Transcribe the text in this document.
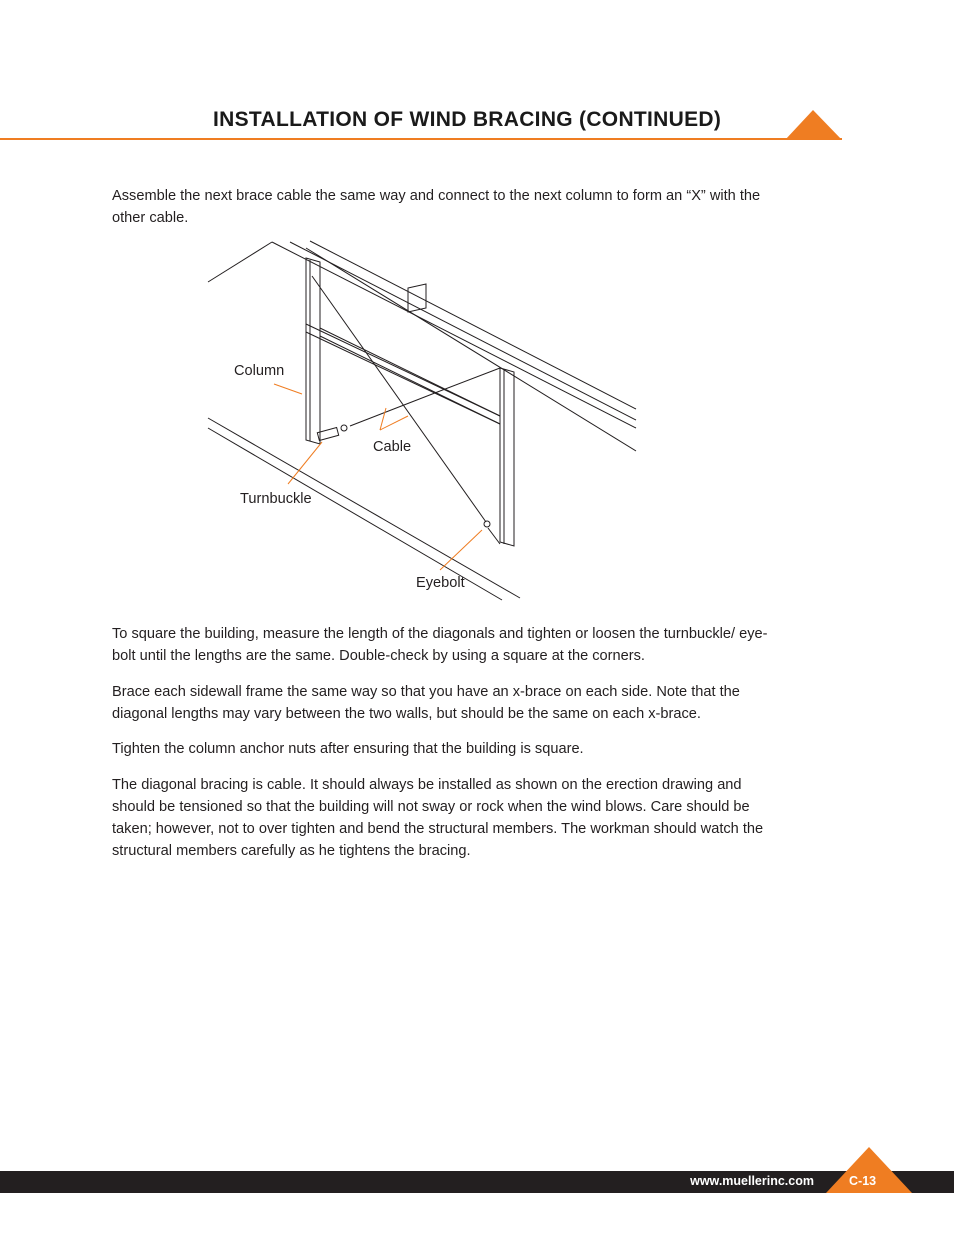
INSTALLATION OF WIND BRACING (CONTINUED)
Assemble the next brace cable the same way and connect to the next column to form an “X” with the other cable.
Column
Cable
Turnbuckle
Eyebolt
To square the building, measure the length of the diagonals and tighten or loosen the turnbuckle/ eye-bolt until the lengths are the same. Double-check by using a square at the corners.
Brace each sidewall frame the same way so that you have an x-brace on each side. Note that the diagonal lengths may vary between the two walls, but should be the same on each x-brace.
Tighten the column anchor nuts after ensuring that the building is square.
The diagonal bracing is cable. It should always be installed as shown on the erection drawing and should be tensioned so that the building will not sway or rock when the wind blows. Care should be taken; however, not to over tighten and bend the structural members. The workman should watch the structural members carefully as he tightens the bracing.
www.muellerinc.com	C-13
